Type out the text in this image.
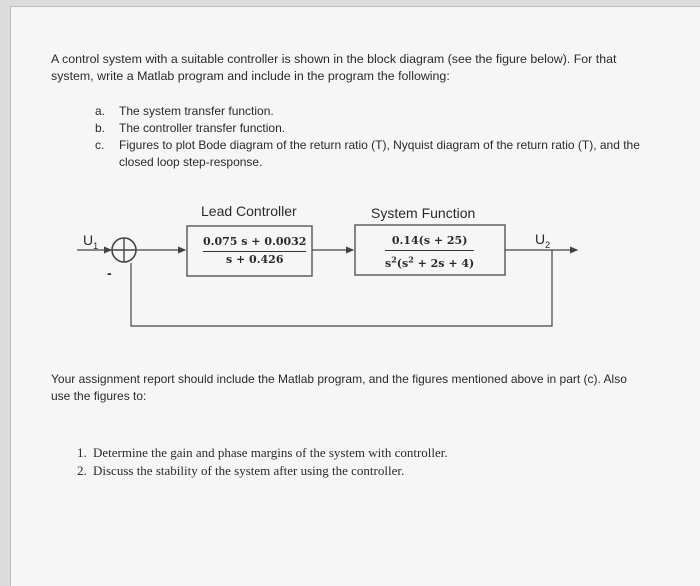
A control system with a suitable controller is shown in the block diagram (see the figure below). For that system, write a Matlab program and include in the program the following:
a.	The system transfer function.
b.	The controller transfer function.
c.	Figures to plot Bode diagram of the return ratio (T), Nyquist diagram of the return ratio (T), and the closed loop step-response.
$U_1$
-
Lead Controller
0.075 s + 0.0032
s + 0.426
System Function
0.14(s + 25)
$s^2(s^2 + 2s + 4)$
$U_2$
Your assignment report should include the Matlab program, and the figures mentioned above in part (c). Also use the figures to:
1. Determine the gain and phase margins of the system with controller.
2. Discuss the stability of the system after using the controller.
